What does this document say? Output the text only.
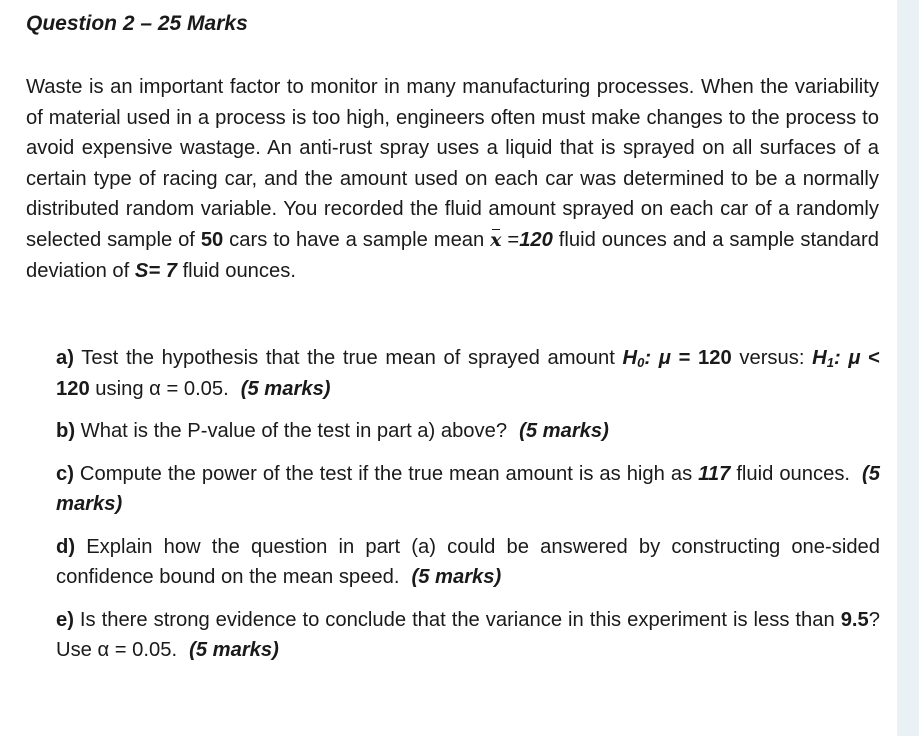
Question 2 – 25 Marks

Waste is an important factor to monitor in many manufacturing processes. When the variability of material used in a process is too high, engineers often must make changes to the process to avoid expensive wastage. An anti-rust spray uses a liquid that is sprayed on all surfaces of a certain type of racing car, and the amount used on each car was determined to be a normally distributed random variable. You recorded the fluid amount sprayed on each car of a randomly selected sample of 50 cars to have a sample mean x =120 fluid ounces and a sample standard deviation of S= 7 fluid ounces.

a) Test the hypothesis that the true mean of sprayed amount $H_0$: μ = 120 versus: $H_1$: μ < 120 using α = 0.05. (5 marks)

b) What is the P-value of the test in part a) above? (5 marks)

c) Compute the power of the test if the true mean amount is as high as 117 fluid ounces. (5 marks)

d) Explain how the question in part (a) could be answered by constructing one-sided confidence bound on the mean speed. (5 marks)

e) Is there strong evidence to conclude that the variance in this experiment is less than 9.5? Use α = 0.05. (5 marks)
